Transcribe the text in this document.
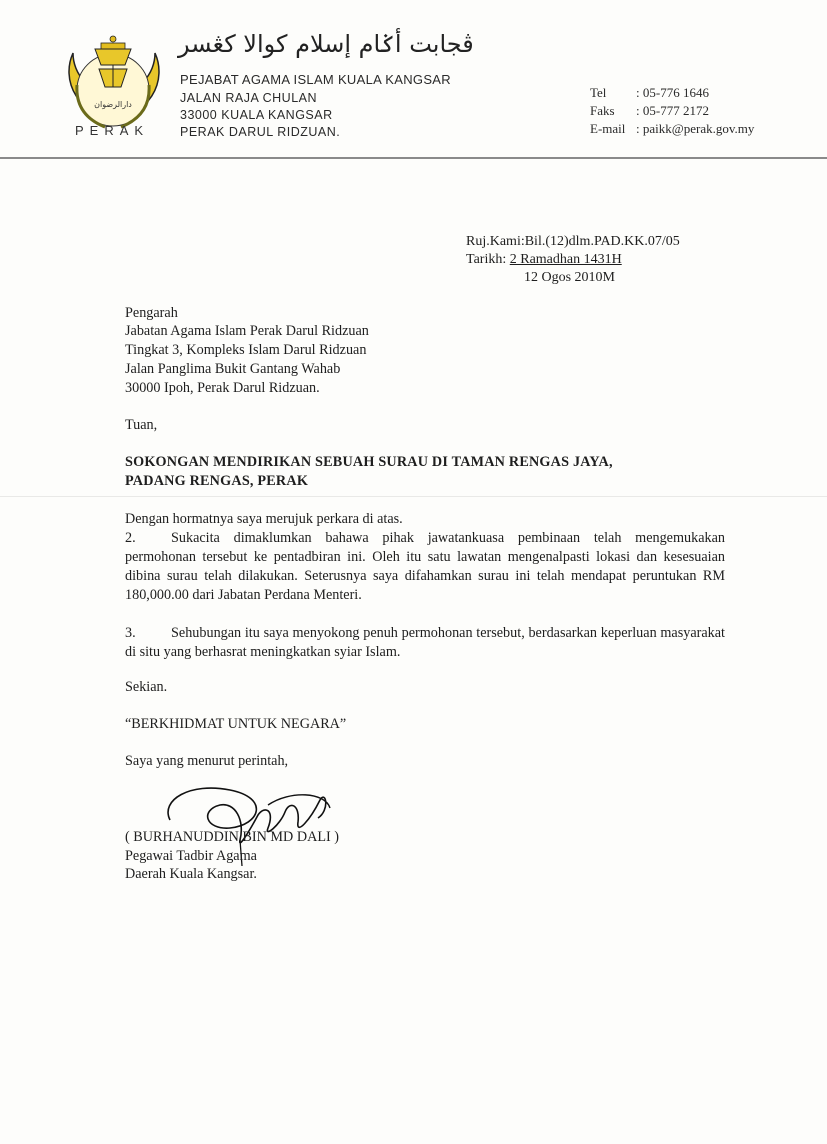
دارالرضوان
PERAK
ڤجابت أݢام إسلام کوالا کڠسر
PEJABAT AGAMA ISLAM KUALA KANGSAR
JALAN RAJA CHULAN
33000 KUALA KANGSAR
PERAK DARUL RIDZUAN.
Tel : 05-776 1646
Faks : 05-777 2172
E-mail : paikk@perak.gov.my
Ruj.Kami:Bil.(12)dlm.PAD.KK.07/05
Tarikh: 2 Ramadhan 1431H
12 Ogos 2010M
Pengarah
Jabatan Agama Islam Perak Darul Ridzuan
Tingkat 3, Kompleks Islam Darul Ridzuan
Jalan Panglima Bukit Gantang Wahab
30000 Ipoh, Perak Darul Ridzuan.
Tuan,
SOKONGAN MENDIRIKAN SEBUAH SURAU DI TAMAN RENGAS JAYA,
PADANG RENGAS, PERAK
Dengan hormatnya saya merujuk perkara di atas.
2. Sukacita dimaklumkan bahawa pihak jawatankuasa pembinaan telah mengemukakan permohonan tersebut ke pentadbiran ini. Oleh itu satu lawatan mengenalpasti lokasi dan kesesuaian dibina surau telah dilakukan. Seterusnya saya difahamkan surau ini telah mendapat peruntukan RM 180,000.00 dari Jabatan Perdana Menteri.
3. Sehubungan itu saya menyokong penuh permohonan tersebut, berdasarkan keperluan masyarakat di situ yang berhasrat meningkatkan syiar Islam.
Sekian.
“BERKHIDMAT UNTUK NEGARA”
Saya yang menurut perintah,
( BURHANUDDIN BIN MD DALI )
Pegawai Tadbir Agama
Daerah Kuala Kangsar.
